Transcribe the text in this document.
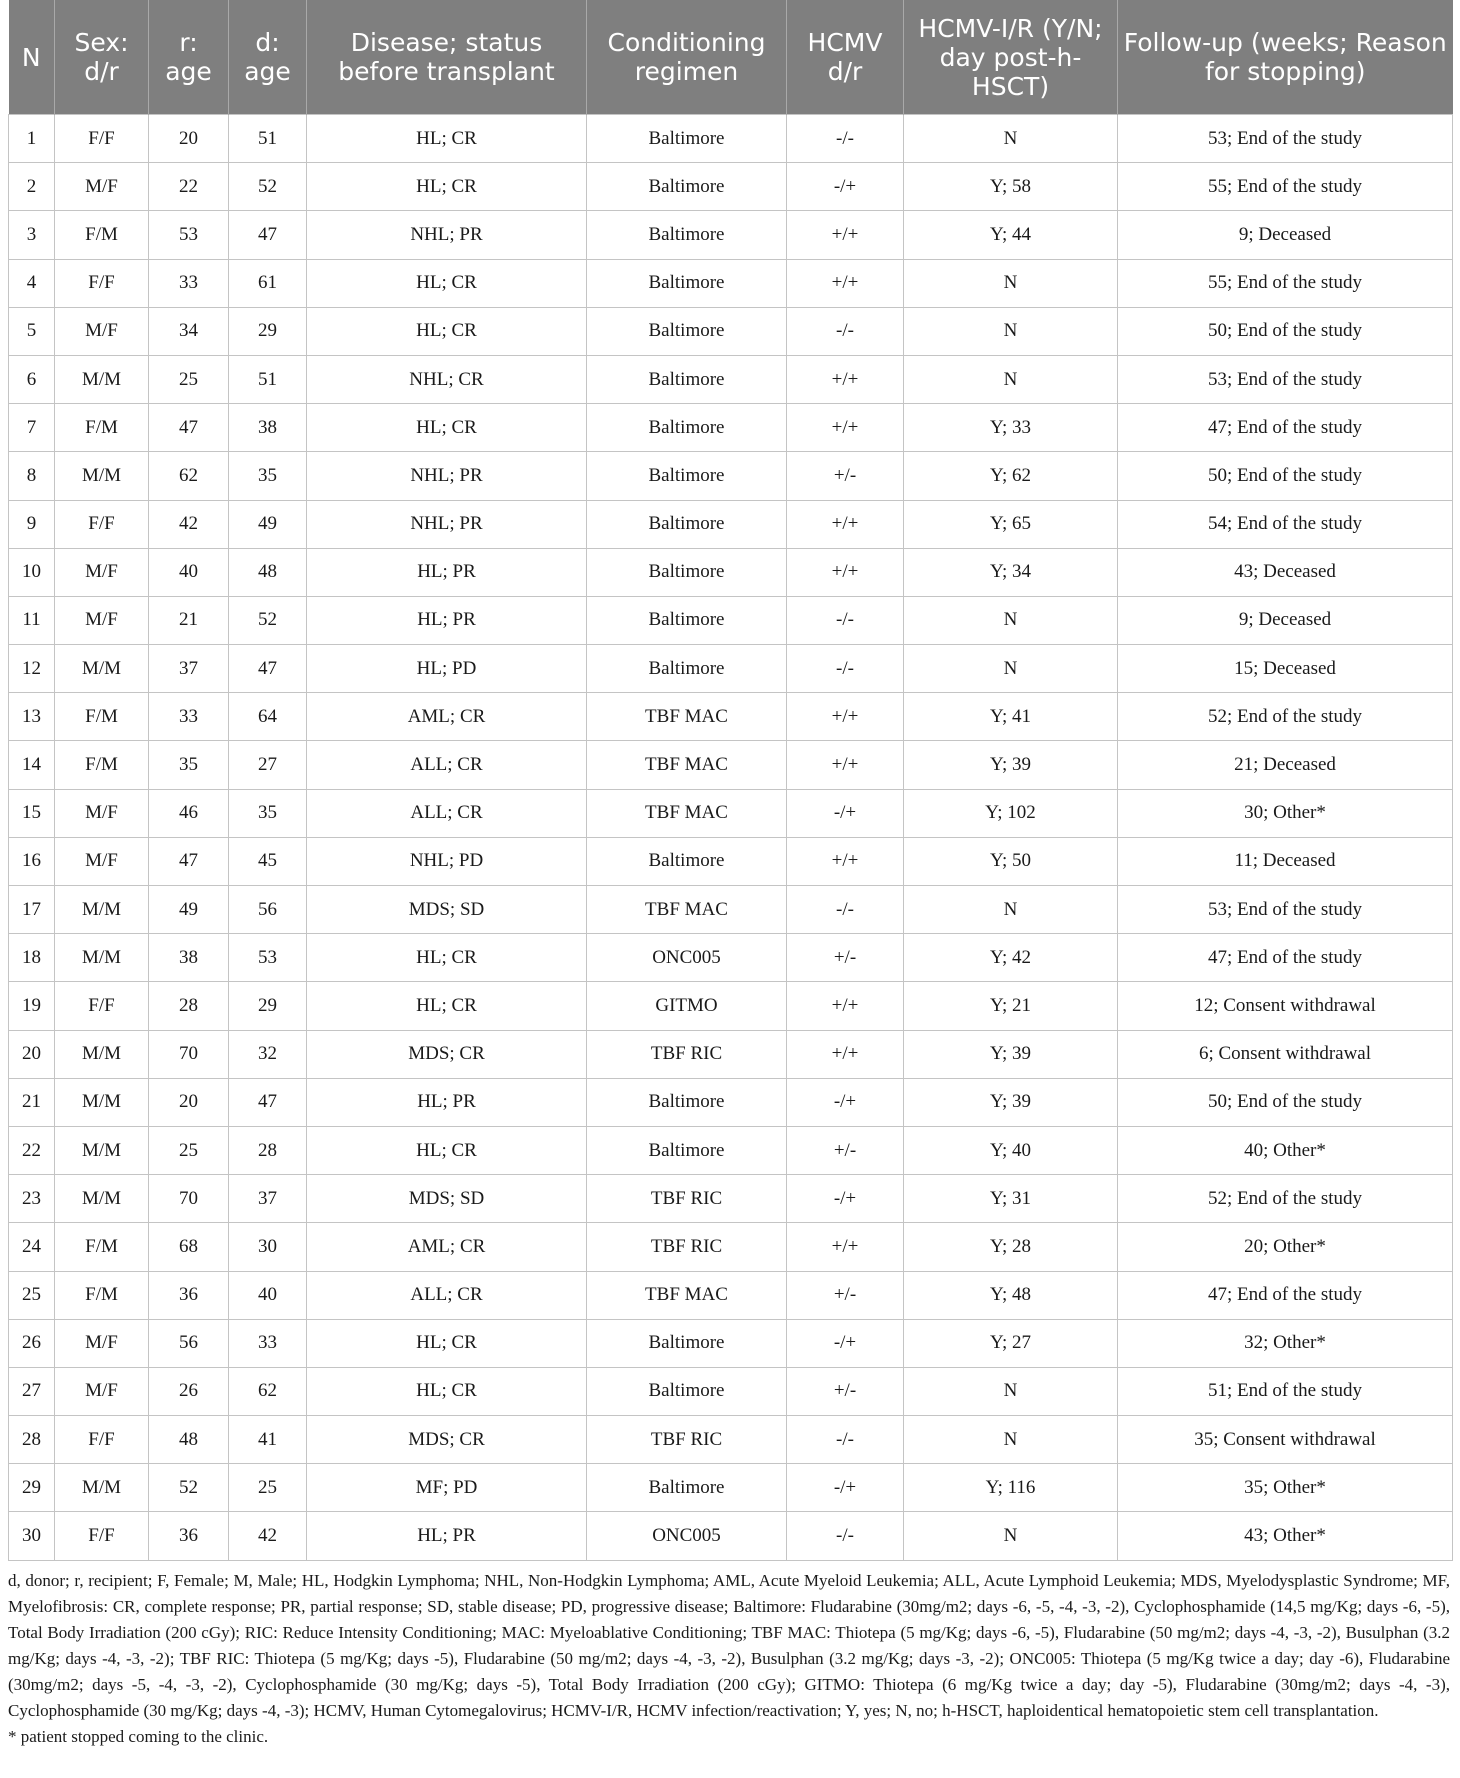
N	Sex: d/r	r: age	d: age	Disease; status before transplant	Conditioning regimen	HCMV d/r	HCMV-I/R (Y/N; day post-h-HSCT)	Follow-up (weeks; Reason for stopping)
1	F/F	20	51	HL; CR	Baltimore	-/-	N	53; End of the study
2	M/F	22	52	HL; CR	Baltimore	-/+	Y; 58	55; End of the study
3	F/M	53	47	NHL; PR	Baltimore	+/+	Y; 44	9; Deceased
4	F/F	33	61	HL; CR	Baltimore	+/+	N	55; End of the study
5	M/F	34	29	HL; CR	Baltimore	-/-	N	50; End of the study
6	M/M	25	51	NHL; CR	Baltimore	+/+	N	53; End of the study
7	F/M	47	38	HL; CR	Baltimore	+/+	Y; 33	47; End of the study
8	M/M	62	35	NHL; PR	Baltimore	+/-	Y; 62	50; End of the study
9	F/F	42	49	NHL; PR	Baltimore	+/+	Y; 65	54; End of the study
10	M/F	40	48	HL; PR	Baltimore	+/+	Y; 34	43; Deceased
11	M/F	21	52	HL; PR	Baltimore	-/-	N	9; Deceased
12	M/M	37	47	HL; PD	Baltimore	-/-	N	15; Deceased
13	F/M	33	64	AML; CR	TBF MAC	+/+	Y; 41	52; End of the study
14	F/M	35	27	ALL; CR	TBF MAC	+/+	Y; 39	21; Deceased
15	M/F	46	35	ALL; CR	TBF MAC	-/+	Y; 102	30; Other*
16	M/F	47	45	NHL; PD	Baltimore	+/+	Y; 50	11; Deceased
17	M/M	49	56	MDS; SD	TBF MAC	-/-	N	53; End of the study
18	M/M	38	53	HL; CR	ONC005	+/-	Y; 42	47; End of the study
19	F/F	28	29	HL; CR	GITMO	+/+	Y; 21	12; Consent withdrawal
20	M/M	70	32	MDS; CR	TBF RIC	+/+	Y; 39	6; Consent withdrawal
21	M/M	20	47	HL; PR	Baltimore	-/+	Y; 39	50; End of the study
22	M/M	25	28	HL; CR	Baltimore	+/-	Y; 40	40; Other*
23	M/M	70	37	MDS; SD	TBF RIC	-/+	Y; 31	52; End of the study
24	F/M	68	30	AML; CR	TBF RIC	+/+	Y; 28	20; Other*
25	F/M	36	40	ALL; CR	TBF MAC	+/-	Y; 48	47; End of the study
26	M/F	56	33	HL; CR	Baltimore	-/+	Y; 27	32; Other*
27	M/F	26	62	HL; CR	Baltimore	+/-	N	51; End of the study
28	F/F	48	41	MDS; CR	TBF RIC	-/-	N	35; Consent withdrawal
29	M/M	52	25	MF; PD	Baltimore	-/+	Y; 116	35; Other*
30	F/F	36	42	HL; PR	ONC005	-/-	N	43; Other*

d, donor; r, recipient; F, Female; M, Male; HL, Hodgkin Lymphoma; NHL, Non-Hodgkin Lymphoma; AML, Acute Myeloid Leukemia; ALL, Acute Lymphoid Leukemia; MDS, Myelodysplastic Syndrome; MF, Myelofibrosis: CR, complete response; PR, partial response; SD, stable disease; PD, progressive disease; Baltimore: Fludarabine (30mg/m2; days -6, -5, -4, -3, -2), Cyclophosphamide (14,5 mg/Kg; days -6, -5), Total Body Irradiation (200 cGy); RIC: Reduce Intensity Conditioning; MAC: Myeloablative Conditioning; TBF MAC: Thiotepa (5 mg/Kg; days -6, -5), Fludarabine (50 mg/m2; days -4, -3, -2), Busulphan (3.2 mg/Kg; days -4, -3, -2); TBF RIC: Thiotepa (5 mg/Kg; days -5), Fludarabine (50 mg/m2; days -4, -3, -2), Busulphan (3.2 mg/Kg; days -3, -2); ONC005: Thiotepa (5 mg/Kg twice a day; day -6), Fludarabine (30mg/m2; days -5, -4, -3, -2), Cyclophosphamide (30 mg/Kg; days -5), Total Body Irradiation (200 cGy); GITMO: Thiotepa (6 mg/Kg twice a day; day -5), Fludarabine (30mg/m2; days -4, -3), Cyclophosphamide (30 mg/Kg; days -4, -3); HCMV, Human Cytomegalovirus; HCMV-I/R, HCMV infection/reactivation; Y, yes; N, no; h-HSCT, haploidentical hematopoietic stem cell transplantation.

* patient stopped coming to the clinic.
